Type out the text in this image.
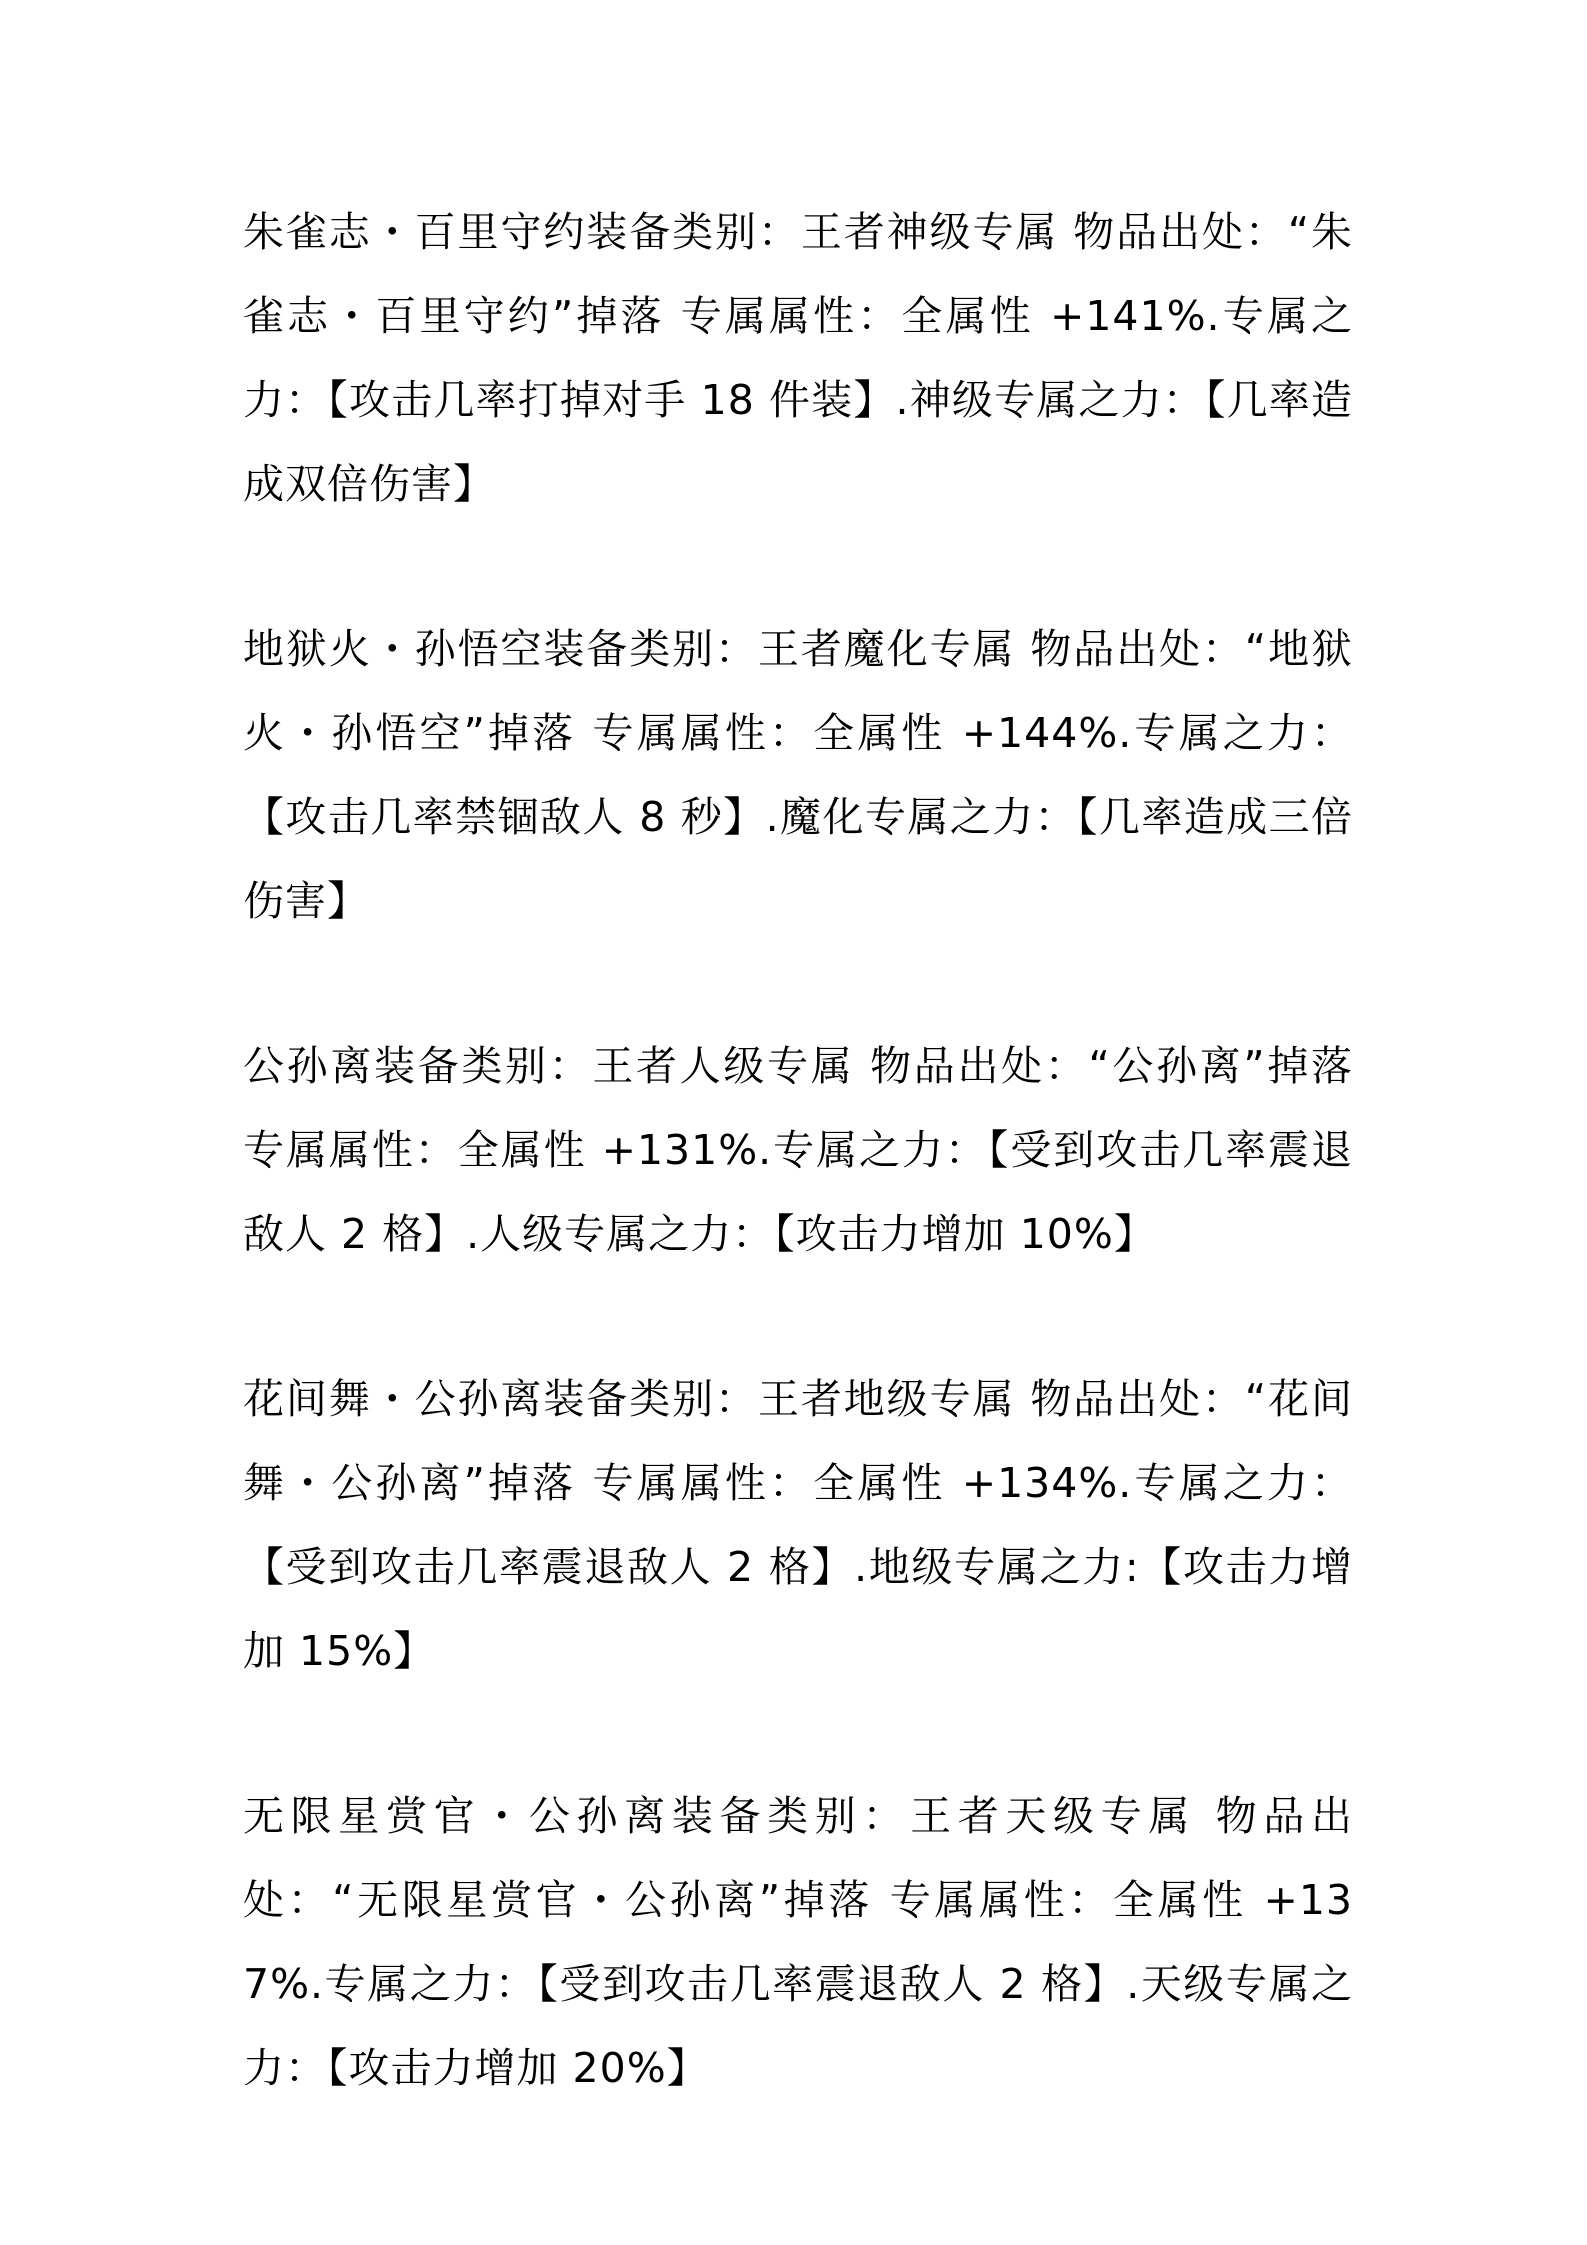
朱雀志・百里守约装备类别：王者神级专属 物品出处：“朱雀志・百里守约”掉落 专属属性：全属性 +141%.专属之力：【攻击几率打掉对手 18 件装】.神级专属之力：【几率造成双倍伤害】

地狱火・孙悟空装备类别：王者魔化专属 物品出处：“地狱火・孙悟空”掉落 专属属性：全属性 +144%.专属之力：【攻击几率禁锢敌人 8 秒】.魔化专属之力：【几率造成三倍伤害】

公孙离装备类别：王者人级专属 物品出处：“公孙离”掉落 专属属性：全属性 +131%.专属之力：【受到攻击几率震退敌人 2 格】.人级专属之力：【攻击力增加 10%】

花间舞・公孙离装备类别：王者地级专属 物品出处：“花间舞・公孙离”掉落 专属属性：全属性 +134%.专属之力：【受到攻击几率震退敌人 2 格】.地级专属之力:【攻击力增加 15%】

无限星赏官・公孙离装备类别：王者天级专属 物品出处：“无限星赏官・公孙离”掉落 专属属性：全属性 +137%.专属之力：【受到攻击几率震退敌人 2 格】.天级专属之力：【攻击力增加 20%】
